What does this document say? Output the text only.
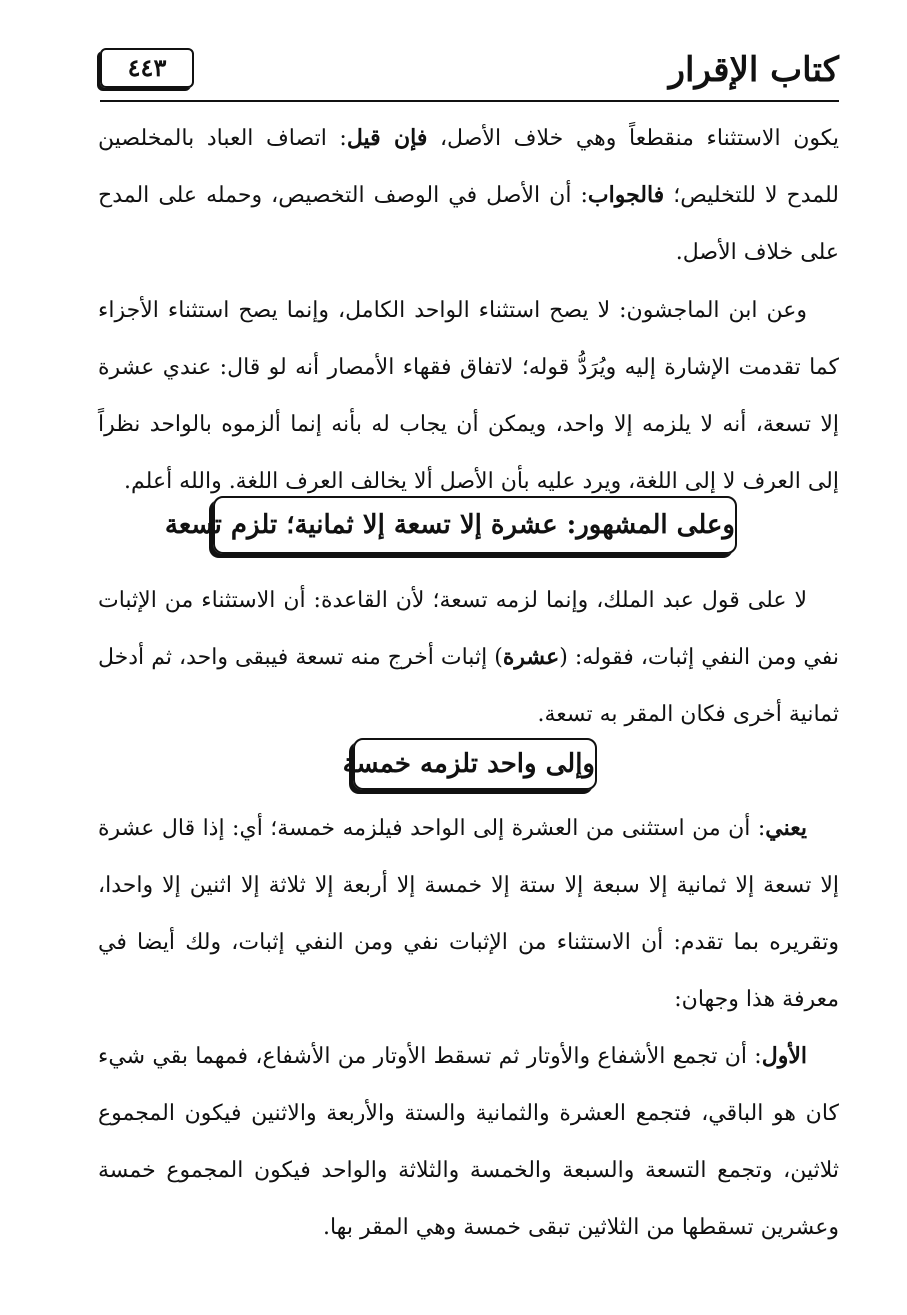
كتاب الإقرار
٤٤٣
يكون الاستثناء منقطعاً وهي خلاف الأصل، فإن قيل: اتصاف العباد بالمخلصين للمدح لا للتخليص؛ فالجواب: أن الأصل في الوصف التخصيص، وحمله على المدح على خلاف الأصل.
وعن ابن الماجشون: لا يصح استثناء الواحد الكامل، وإنما يصح استثناء الأجزاء كما تقدمت الإشارة إليه ويُرَدُّ قوله؛ لاتفاق فقهاء الأمصار أنه لو قال: عندي عشرة إلا تسعة، أنه لا يلزمه إلا واحد، ويمكن أن يجاب له بأنه إنما ألزموه بالواحد نظراً إلى العرف لا إلى اللغة، ويرد عليه بأن الأصل ألا يخالف العرف اللغة. والله أعلم.
وعلى المشهور: عشرة إلا تسعة إلا ثمانية؛ تلزم تسعة
لا على قول عبد الملك، وإنما لزمه تسعة؛ لأن القاعدة: أن الاستثناء من الإثبات نفي ومن النفي إثبات، فقوله: (عشرة) إثبات أخرج منه تسعة فيبقى واحد، ثم أدخل ثمانية أخرى فكان المقر به تسعة.
وإلى واحد تلزمه خمسة
يعني: أن من استثنى من العشرة إلى الواحد فيلزمه خمسة؛ أي: إذا قال عشرة إلا تسعة إلا ثمانية إلا سبعة إلا ستة إلا خمسة إلا أربعة إلا ثلاثة إلا اثنين إلا واحدا، وتقريره بما تقدم: أن الاستثناء من الإثبات نفي ومن النفي إثبات، ولك أيضا في معرفة هذا وجهان:
الأول: أن تجمع الأشفاع والأوتار ثم تسقط الأوتار من الأشفاع، فمهما بقي شيء كان هو الباقي، فتجمع العشرة والثمانية والستة والأربعة والاثنين فيكون المجموع ثلاثين، وتجمع التسعة والسبعة والخمسة والثلاثة والواحد فيكون المجموع خمسة وعشرين تسقطها من الثلاثين تبقى خمسة وهي المقر بها.
